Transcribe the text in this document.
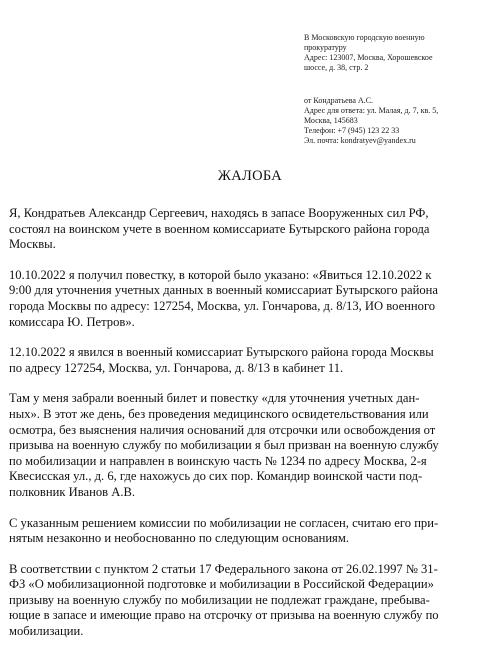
В Московскую городскую военную
прокуратуру
Адрес: 123007, Москва, Хорошевское
шоссе, д. 38, стр. 2
от Кондратьева А.С.
Адрес для ответа: ул. Малая, д. 7, кв. 5,
Москва, 145683
Телефон: +7 (945) 123 22 33
Эл. почта: kondratyev@yandex.ru
ЖАЛОБА

Я, Кондратьев Александр Сергеевич, находясь в запасе Вооруженных сил РФ,
состоял на воинском учете в военном комиссариате Бутырского района города
Москвы.

10.10.2022 я получил повестку, в которой было указано: «Явиться 12.10.2022 к
9:00 для уточнения учетных данных в военный комиссариат Бутырского района
города Москвы по адресу: 127254, Москва, ул. Гончарова, д. 8/13, ИО военного
комиссара Ю. Петров».

12.10.2022 я явился в военный комиссариат Бутырского района города Москвы
по адресу 127254, Москва, ул. Гончарова, д. 8/13 в кабинет 11.

Там у меня забрали военный билет и повестку «для уточнения учетных дан-
ных». В этот же день, без проведения медицинского освидетельствования или
осмотра, без выяснения наличия оснований для отсрочки или освобождения от
призыва на военную службу по мобилизации я был призван на военную службу
по мобилизации и направлен в воинскую часть № 1234 по адресу Москва, 2-я
Квесисская ул., д. 6, где нахожусь до сих пор. Командир воинской части под-
полковник Иванов А.В.

С указанным решением комиссии по мобилизации не согласен, считаю его при-
нятым незаконно и необоснованно по следующим основаниям.

В соответствии с пунктом 2 статьи 17 Федерального закона от 26.02.1997 № 31-
ФЗ «О мобилизационной подготовке и мобилизации в Российской Федерации»
призыву на военную службу по мобилизации не подлежат граждане, пребыва-
ющие в запасе и имеющие право на отсрочку от призыва на военную службу по
мобилизации.
